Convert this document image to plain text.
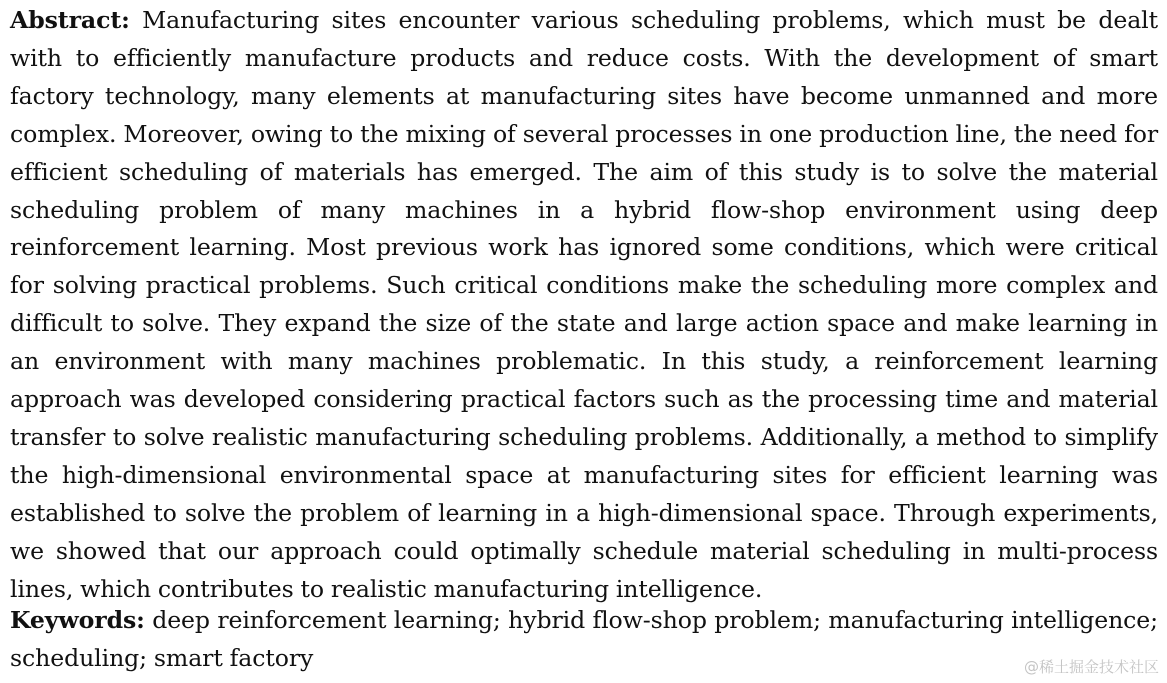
Abstract: Manufacturing sites encounter various scheduling problems, which must be dealt with to efficiently manufacture products and reduce costs. With the development of smart factory technology, many elements at manufacturing sites have become unmanned and more complex. Moreover, owing to the mixing of several processes in one production line, the need for efficient scheduling of materials has emerged. The aim of this study is to solve the material scheduling problem of many machines in a hybrid flow-shop environment using deep reinforcement learning. Most previous work has ignored some conditions, which were critical for solving practical problems. Such critical conditions make the scheduling more complex and difficult to solve. They expand the size of the state and large action space and make learning in an environment with many machines problematic. In this study, a reinforcement learning approach was developed considering practical factors such as the processing time and material transfer to solve realistic manufacturing scheduling problems. Additionally, a method to simplify the high-dimensional environmental space at manufacturing sites for efficient learning was established to solve the problem of learning in a high-dimensional space. Through experiments, we showed that our approach could optimally schedule material scheduling in multi-process lines, which contributes to realistic manufacturing intelligence.

Keywords: deep reinforcement learning; hybrid flow-shop problem; manufacturing intelligence; scheduling; smart factory	@稀土掘金技术社区
